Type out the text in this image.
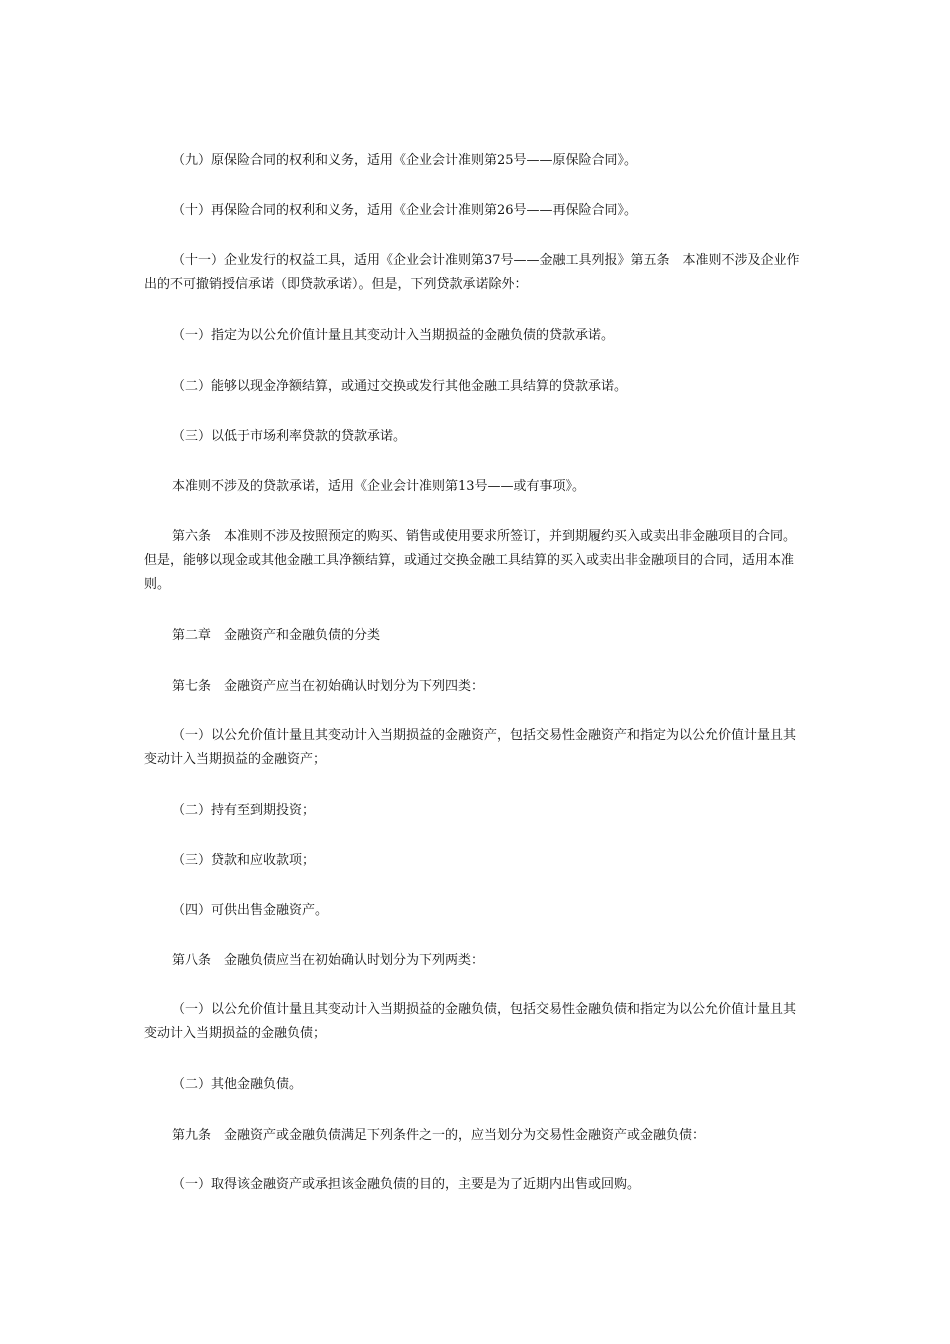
（九）原保险合同的权利和义务，适用《企业会计准则第25号——原保险合同》。

（十）再保险合同的权利和义务，适用《企业会计准则第26号——再保险合同》。

（十一）企业发行的权益工具，适用《企业会计准则第37号——金融工具列报》第五条　本准则不涉及企业作出的不可撤销授信承诺（即贷款承诺）。但是，下列贷款承诺除外：

（一）指定为以公允价值计量且其变动计入当期损益的金融负债的贷款承诺。

（二）能够以现金净额结算，或通过交换或发行其他金融工具结算的贷款承诺。

（三）以低于市场利率贷款的贷款承诺。

本准则不涉及的贷款承诺，适用《企业会计准则第13号——或有事项》。

第六条　本准则不涉及按照预定的购买、销售或使用要求所签订，并到期履约买入或卖出非金融项目的合同。但是，能够以现金或其他金融工具净额结算，或通过交换金融工具结算的买入或卖出非金融项目的合同，适用本准则。

第二章　金融资产和金融负债的分类

第七条　金融资产应当在初始确认时划分为下列四类：

（一）以公允价值计量且其变动计入当期损益的金融资产，包括交易性金融资产和指定为以公允价值计量且其变动计入当期损益的金融资产；

（二）持有至到期投资；

（三）贷款和应收款项；

（四）可供出售金融资产。

第八条　金融负债应当在初始确认时划分为下列两类：

（一）以公允价值计量且其变动计入当期损益的金融负债，包括交易性金融负债和指定为以公允价值计量且其变动计入当期损益的金融负债；

（二）其他金融负债。

第九条　金融资产或金融负债满足下列条件之一的，应当划分为交易性金融资产或金融负债：

（一）取得该金融资产或承担该金融负债的目的，主要是为了近期内出售或回购。
